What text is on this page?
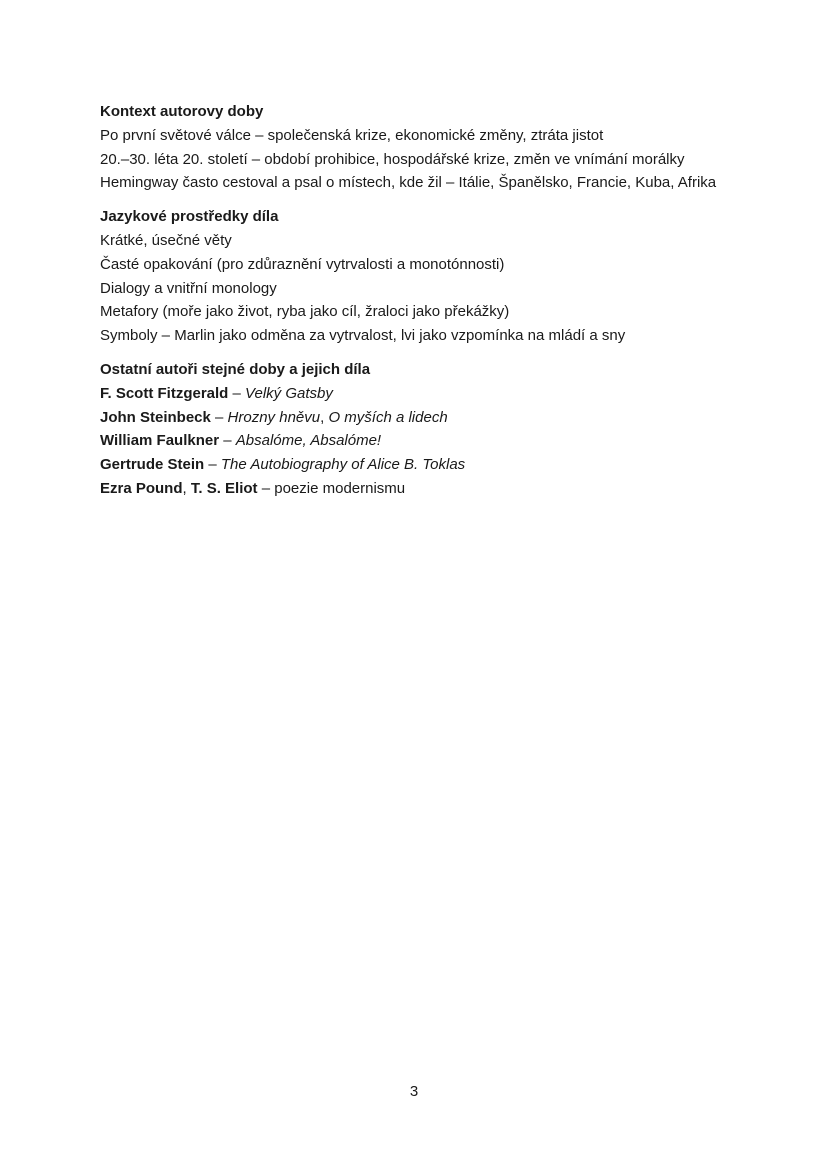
Kontext autorovy doby
Po první světové válce – společenská krize, ekonomické změny, ztráta jistot
20.–30. léta 20. století – období prohibice, hospodářské krize, změn ve vnímání morálky
Hemingway často cestoval a psal o místech, kde žil – Itálie, Španělsko, Francie, Kuba, Afrika
Jazykové prostředky díla
Krátké, úsečné věty
Časté opakování (pro zdůraznění vytrvalosti a monotónnosti)
Dialogy a vnitřní monology
Metafory (moře jako život, ryba jako cíl, žraloci jako překážky)
Symboly – Marlin jako odměna za vytrvalost, lvi jako vzpomínka na mládí a sny
Ostatní autoři stejné doby a jejich díla
F. Scott Fitzgerald – Velký Gatsby
John Steinbeck – Hrozny hněvu, O myších a lidech
William Faulkner – Absalóme, Absalóme!
Gertrude Stein – The Autobiography of Alice B. Toklas
Ezra Pound, T. S. Eliot – poezie modernismu
3
